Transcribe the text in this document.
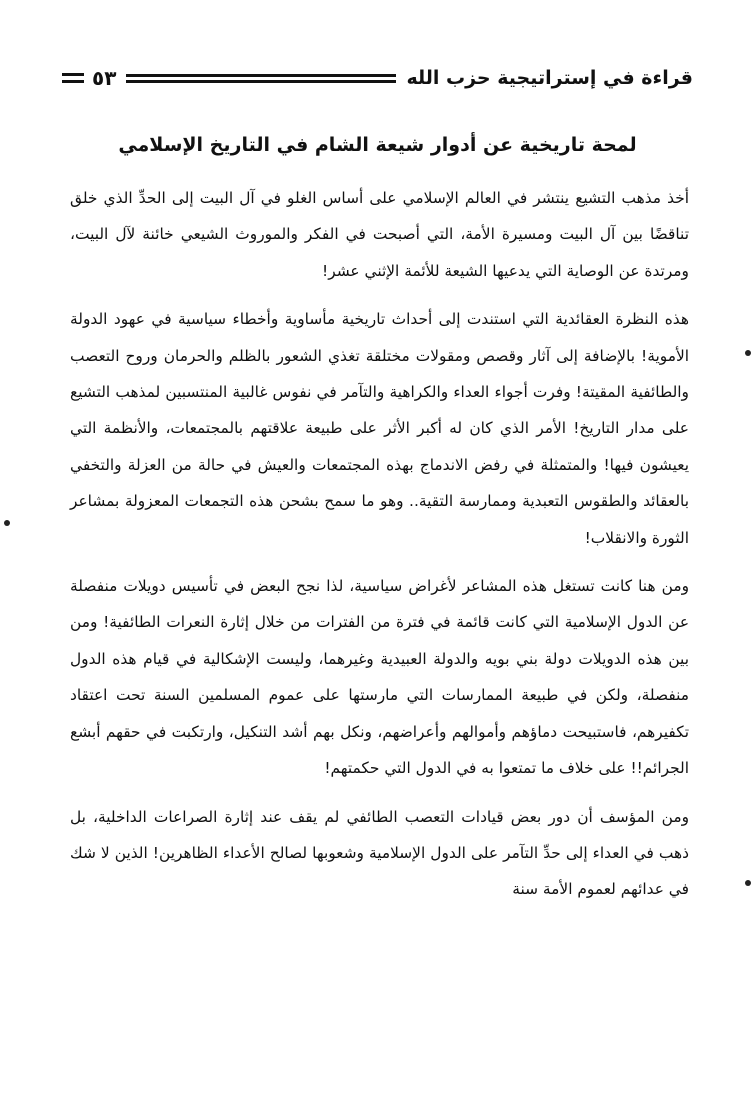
قراءة في إستراتيجية حزب الله
٥٣
لمحة تاريخية عن أدوار شيعة الشام في التاريخ الإسلامي

أخذ مذهب التشيع ينتشر في العالم الإسلامي على أساس الغلو في آل البيت إلى الحدِّ الذي خلق تناقضًا بين آل البيت ومسيرة الأمة، التي أصبحت في الفكر والموروث الشيعي خائنة لآل البيت، ومرتدة عن الوصاية التي يدعيها الشيعة للأئمة الإثني عشر!

هذه النظرة العقائدية التي استندت إلى أحداث تاريخية مأساوية وأخطاء سياسية في عهود الدولة الأموية! بالإضافة إلى آثار وقصص ومقولات مختلقة تغذي الشعور بالظلم والحرمان وروح التعصب والطائفية المقيتة! وفرت أجواء العداء والكراهية والتآمر في نفوس غالبية المنتسبين لمذهب التشيع على مدار التاريخ! الأمر الذي كان له أكبر الأثر على طبيعة علاقتهم بالمجتمعات، والأنظمة التي يعيشون فيها! والمتمثلة في رفض الاندماج بهذه المجتمعات والعيش في حالة من العزلة والتخفي بالعقائد والطقوس التعبدية وممارسة التقية.. وهو ما سمح بشحن هذه التجمعات المعزولة بمشاعر الثورة والانقلاب!

ومن هنا كانت تستغل هذه المشاعر لأغراض سياسية، لذا نجح البعض في تأسيس دويلات منفصلة عن الدول الإسلامية التي كانت قائمة في فترة من الفترات من خلال إثارة النعرات الطائفية! ومن بين هذه الدويلات دولة بني بويه والدولة العبيدية وغيرهما، وليست الإشكالية في قيام هذه الدول منفصلة، ولكن في طبيعة الممارسات التي مارستها على عموم المسلمين السنة تحت اعتقاد تكفيرهم، فاستبيحت دماؤهم وأموالهم وأعراضهم، ونكل بهم أشد التنكيل، وارتكبت في حقهم أبشع الجرائم!! على خلاف ما تمتعوا به في الدول التي حكمتهم!

ومن المؤسف أن دور بعض قيادات التعصب الطائفي لم يقف عند إثارة الصراعات الداخلية، بل ذهب في العداء إلى حدِّ التآمر على الدول الإسلامية وشعوبها لصالح الأعداء الظاهرين! الذين لا شك في عدائهم لعموم الأمة سنة
